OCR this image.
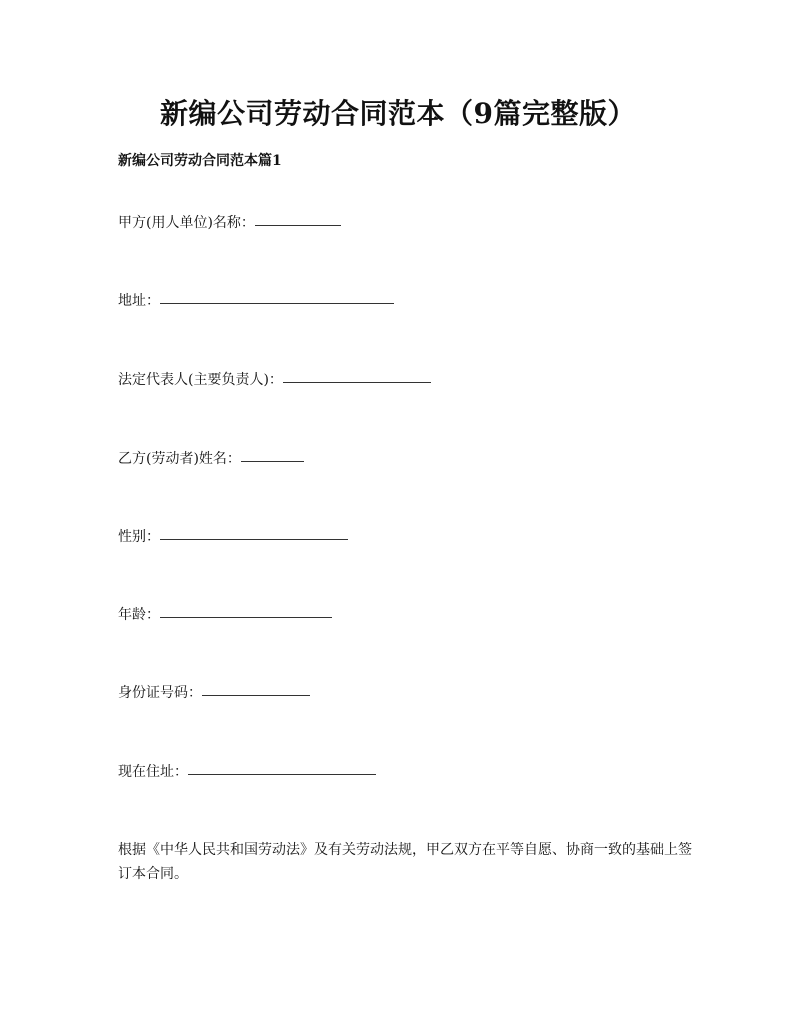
新编公司劳动合同范本（9篇完整版）
新编公司劳动合同范本篇1
甲方(用人单位)名称：
地址：
法定代表人(主要负责人)：
乙方(劳动者)姓名：
性别：
年龄：
身份证号码：
现在住址：
根据《中华人民共和国劳动法》及有关劳动法规，甲乙双方在平等自愿、协商一致的基础上签订本合同。
